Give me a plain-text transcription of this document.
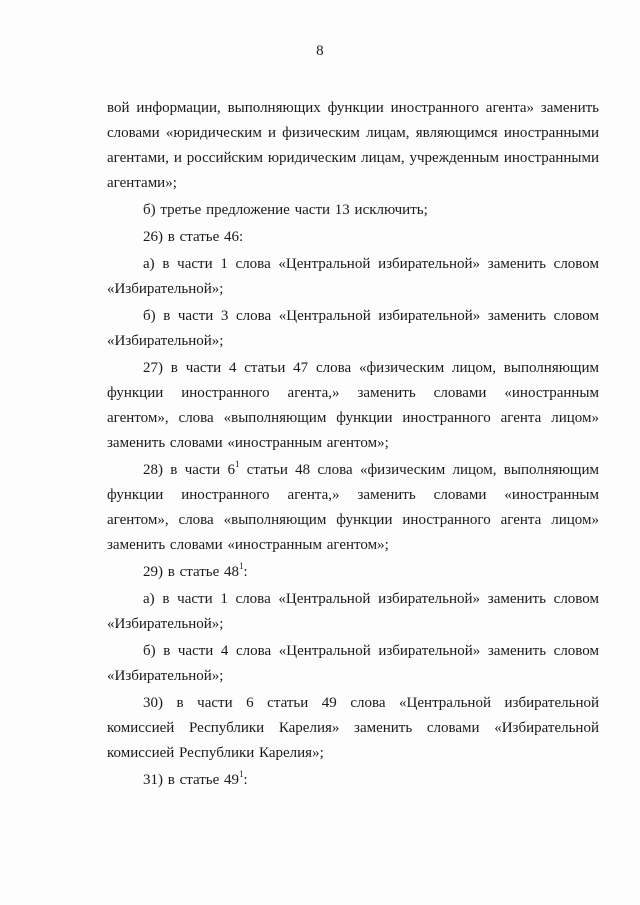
8

вой информации, выполняющих функции иностранного агента» заменить словами «юридическим и физическим лицам, являющимся иностранными агентами, и российским юридическим лицам, учрежденным иностранными агентами»;

б) третье предложение части 13 исключить;

26) в статье 46:

а) в части 1 слова «Центральной избирательной» заменить словом «Избирательной»;

б) в части 3 слова «Центральной избирательной» заменить словом «Избирательной»;

27) в части 4 статьи 47 слова «физическим лицом, выполняющим функции иностранного агента,» заменить словами «иностранным агентом», слова «выполняющим функции иностранного агента лицом» заменить словами «иностранным агентом»;

28) в части $6^1$ статьи 48 слова «физическим лицом, выполняющим функции иностранного агента,» заменить словами «иностранным агентом», слова «выполняющим функции иностранного агента лицом» заменить словами «иностранным агентом»;

29) в статье $48^1$:

а) в части 1 слова «Центральной избирательной» заменить словом «Избирательной»;

б) в части 4 слова «Центральной избирательной» заменить словом «Избирательной»;

30) в части 6 статьи 49 слова «Центральной избирательной комиссией Республики Карелия» заменить словами «Избирательной комиссией Республики Карелия»;

31) в статье $49^1$:
